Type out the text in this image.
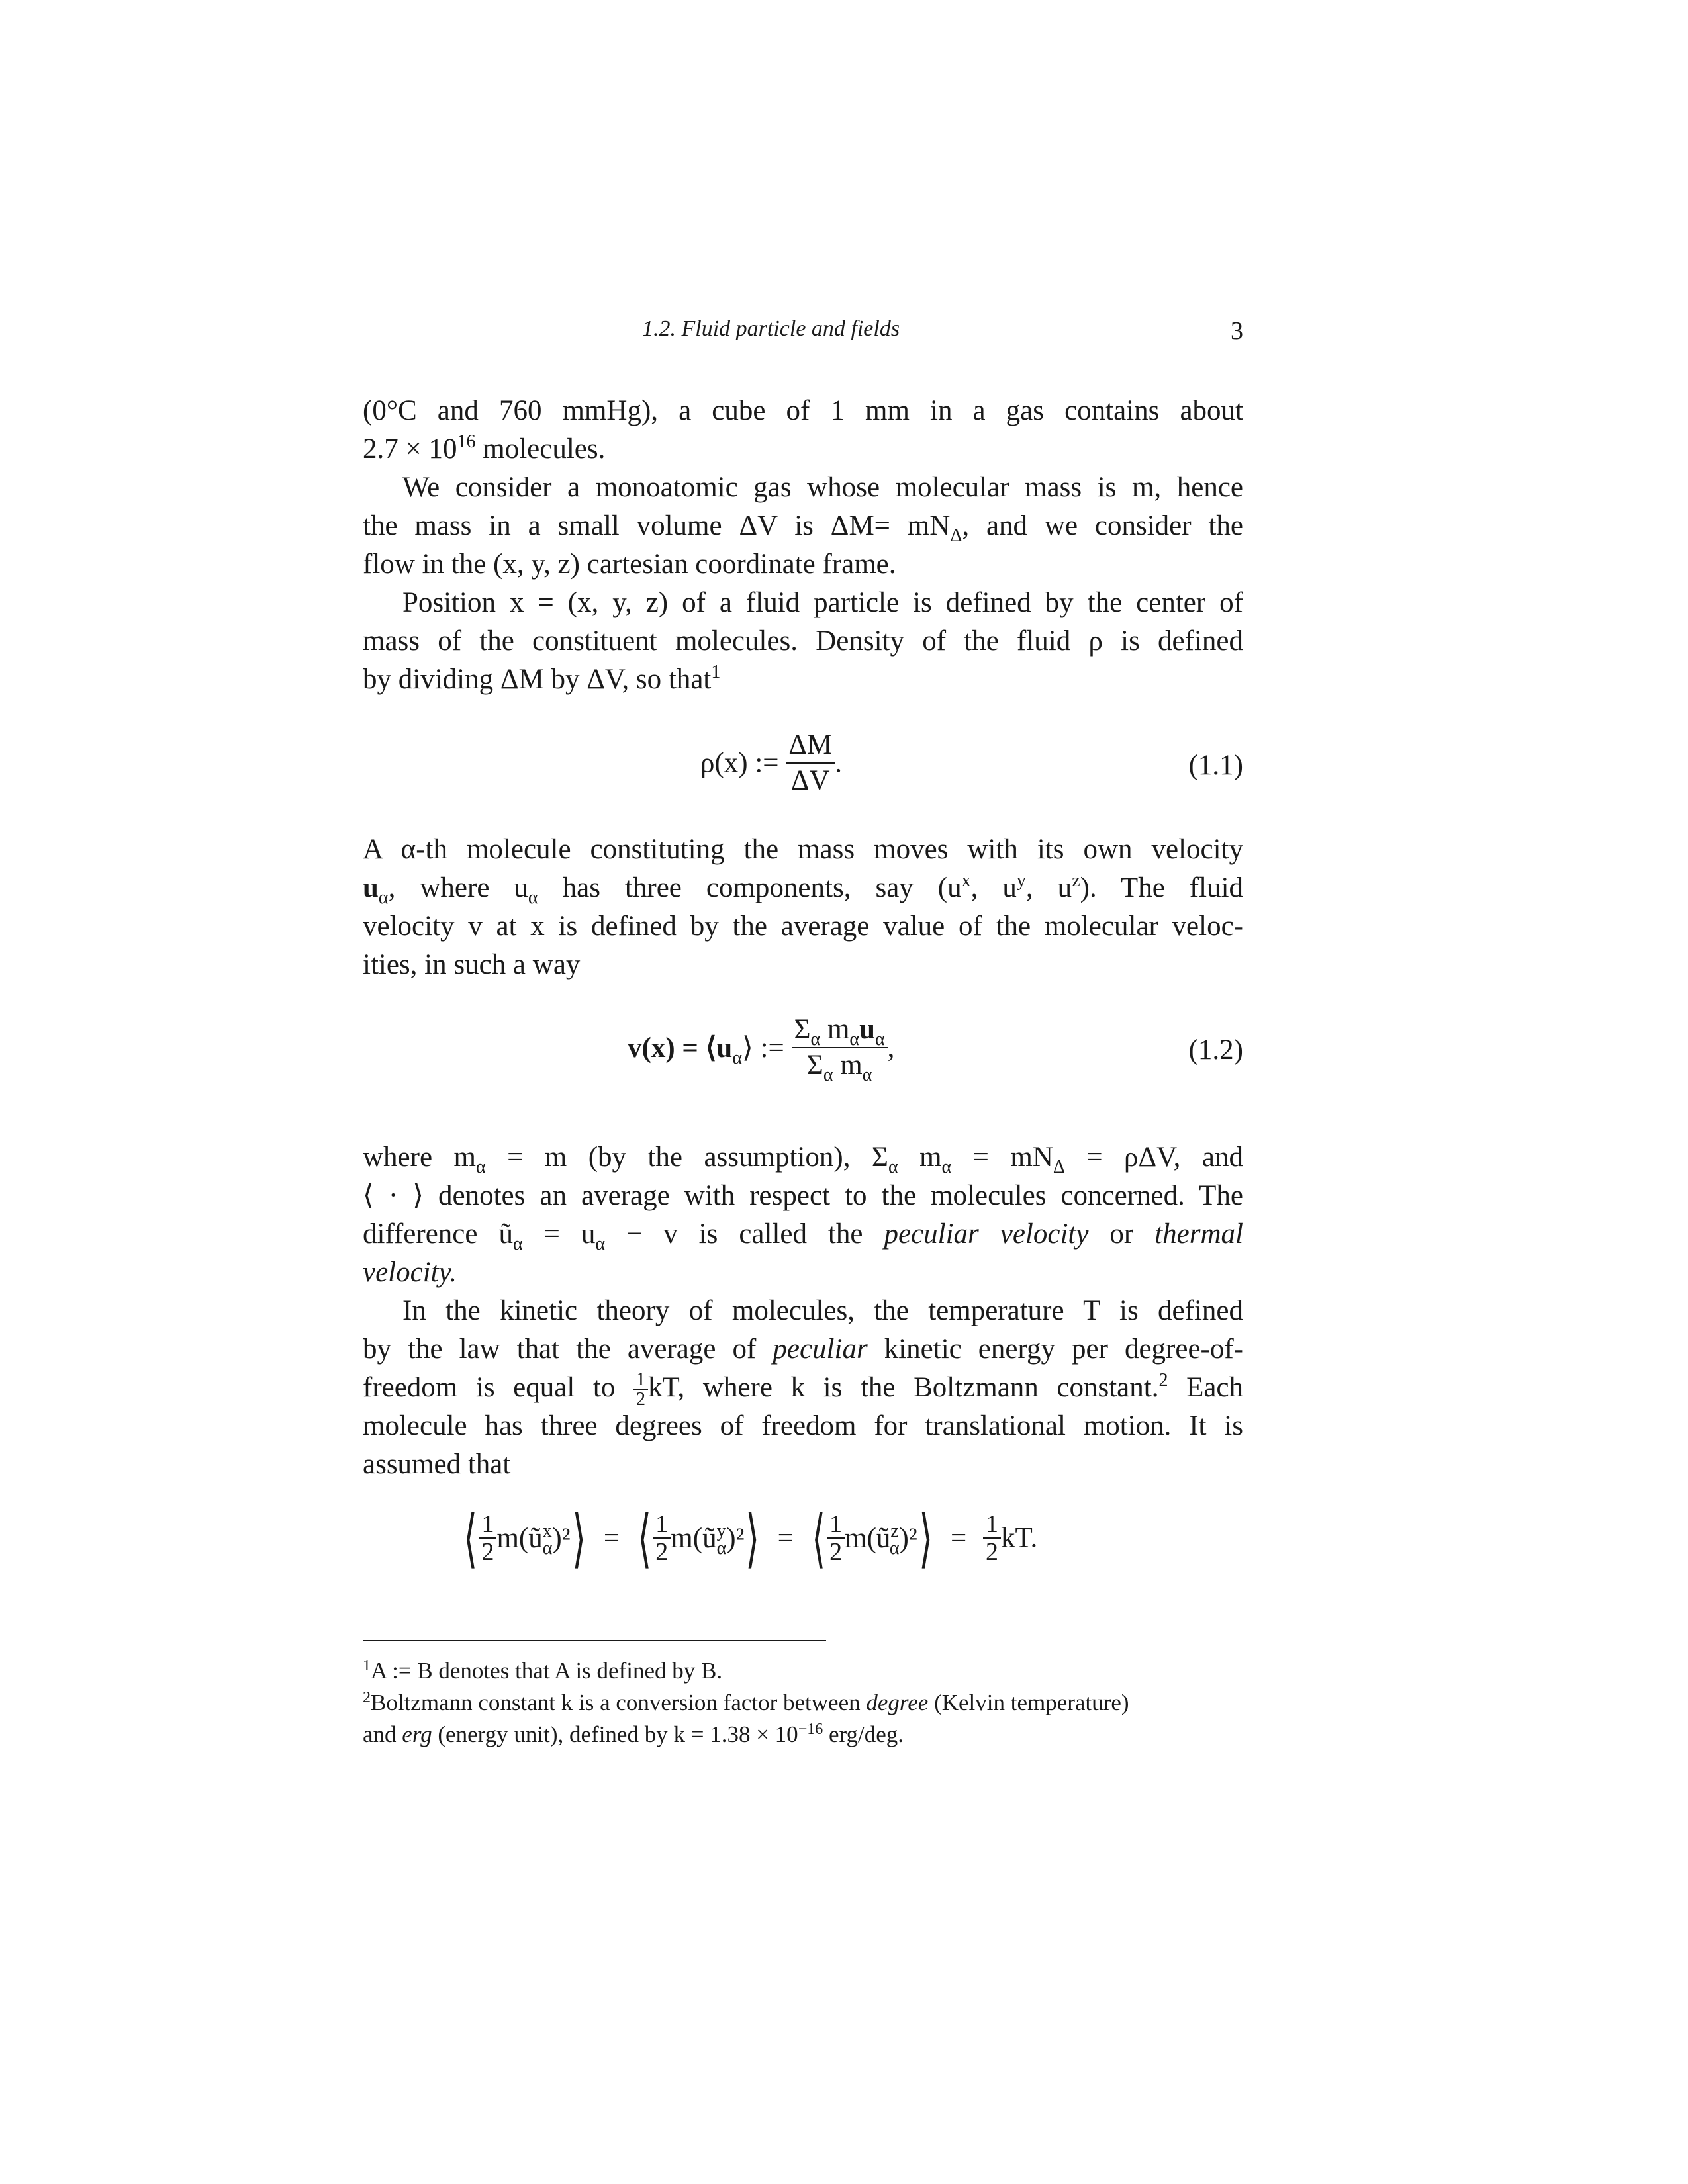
1.2. Fluid particle and fields	3
(0°C and 760 mmHg), a cube of 1 mm in a gas contains about
$2.7 \times 10^{16}$ molecules.
We consider a monoatomic gas whose molecular mass is m, hence
the mass in a small volume ΔV is $\Delta M= mN_\Delta$, and we consider the
flow in the (x, y, z) cartesian coordinate frame.
Position x = (x, y, z) of a fluid particle is defined by the center of
mass of the constituent molecules. Density of the fluid ρ is defined
by dividing ΔM by ΔV, so that$^1$
ρ(x) := $\frac{\Delta M}{\Delta V}$ .	(1.1)
A α-th molecule constituting the mass moves with its own velocity
$u_\alpha$, where $u_\alpha$ has three components, say ($u^x$, $u^y$, $u^z$). The fluid
velocity v at x is defined by the average value of the molecular veloc-
ities, in such a way
$v(x) = ⟨u_\alpha⟩$ := $\frac{\Sigma_\alpha m_\alpha u_\alpha}{\Sigma_\alpha m_\alpha}$ ,	(1.2)
where $m_\alpha = m$ (by the assumption), $\Sigma_\alpha$ $m_\alpha = mN_\Delta = \rho\Delta V$, and
⟨ · ⟩ denotes an average with respect to the molecules concerned. The
difference $ũ_\alpha = u_\alpha - v$ is called the peculiar velocity or thermal
velocity.
In the kinetic theory of molecules, the temperature T is defined
by the law that the average of peculiar kinetic energy per degree-of-
freedom is equal to $\frac{1}{2}$ kT, where k is the Boltzmann constant.$^2$ Each
molecule has three degrees of freedom for translational motion. It is
assumed that
⟨ $\frac{1}{2}$ $m(ũ^x_\alpha)^2⟩$ = ⟨ $\frac{1}{2}$ $m(ũ^y_\alpha)^2⟩$ = ⟨ $\frac{1}{2}$ $m(ũ^z_\alpha)^2⟩ = \frac{1}{2}$ kT.
$^1$A := B denotes that A is defined by B.
$^2$Boltzmann constant k is a conversion factor between degree (Kelvin temperature)
and erg (energy unit), defined by $k = 1.38 \times 10^{-16}$ erg/deg.
